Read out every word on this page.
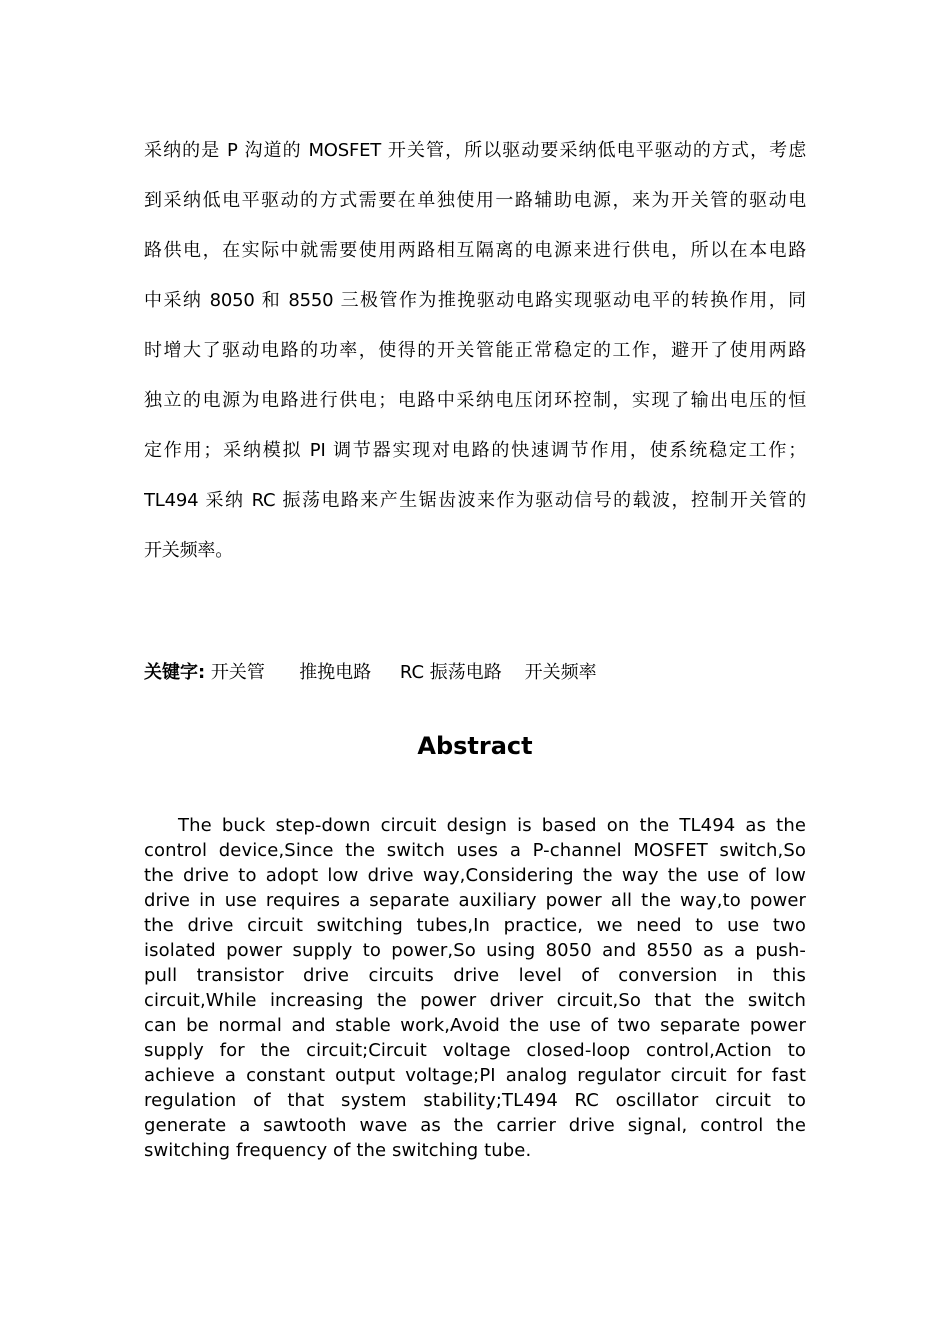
采纳的是 P 沟道的 MOSFET 开关管，所以驱动要采纳低电平驱动的方式，考虑
到采纳低电平驱动的方式需要在单独使用一路辅助电源，来为开关管的驱动电
路供电，在实际中就需要使用两路相互隔离的电源来进行供电，所以在本电路
中采纳 8050 和 8550 三极管作为推挽驱动电路实现驱动电平的转换作用，同
时增大了驱动电路的功率，使得的开关管能正常稳定的工作，避开了使用两路
独立的电源为电路进行供电；电路中采纳电压闭环控制，实现了输出电压的恒
定作用；采纳模拟 PI 调节器实现对电路的快速调节作用，使系统稳定工作；
TL494 采纳 RC 振荡电路来产生锯齿波来作为驱动信号的载波，控制开关管的
开关频率。
关键字: 开关管      推挽电路     RC 振荡电路    开关频率
Abstract
The buck step-down circuit design is based on the TL494 as the
control device,Since the switch uses a P-channel MOSFET switch,So
the drive to adopt low drive way,Considering the way the use of low
drive in use requires a separate auxiliary power all the way,to power
the drive circuit switching tubes,In practice, we need to use two
isolated power supply to power,So using 8050 and 8550 as a push-
pull transistor drive circuits drive level of conversion in this
circuit,While increasing the power driver circuit,So that the switch
can be normal and stable work,Avoid the use of two separate power
supply for the circuit;Circuit voltage closed-loop control,Action to
achieve a constant output voltage;PI analog regulator circuit for fast
regulation of that system stability;TL494 RC oscillator circuit to
generate a sawtooth wave as the carrier drive signal, control the
switching frequency of the switching tube.
